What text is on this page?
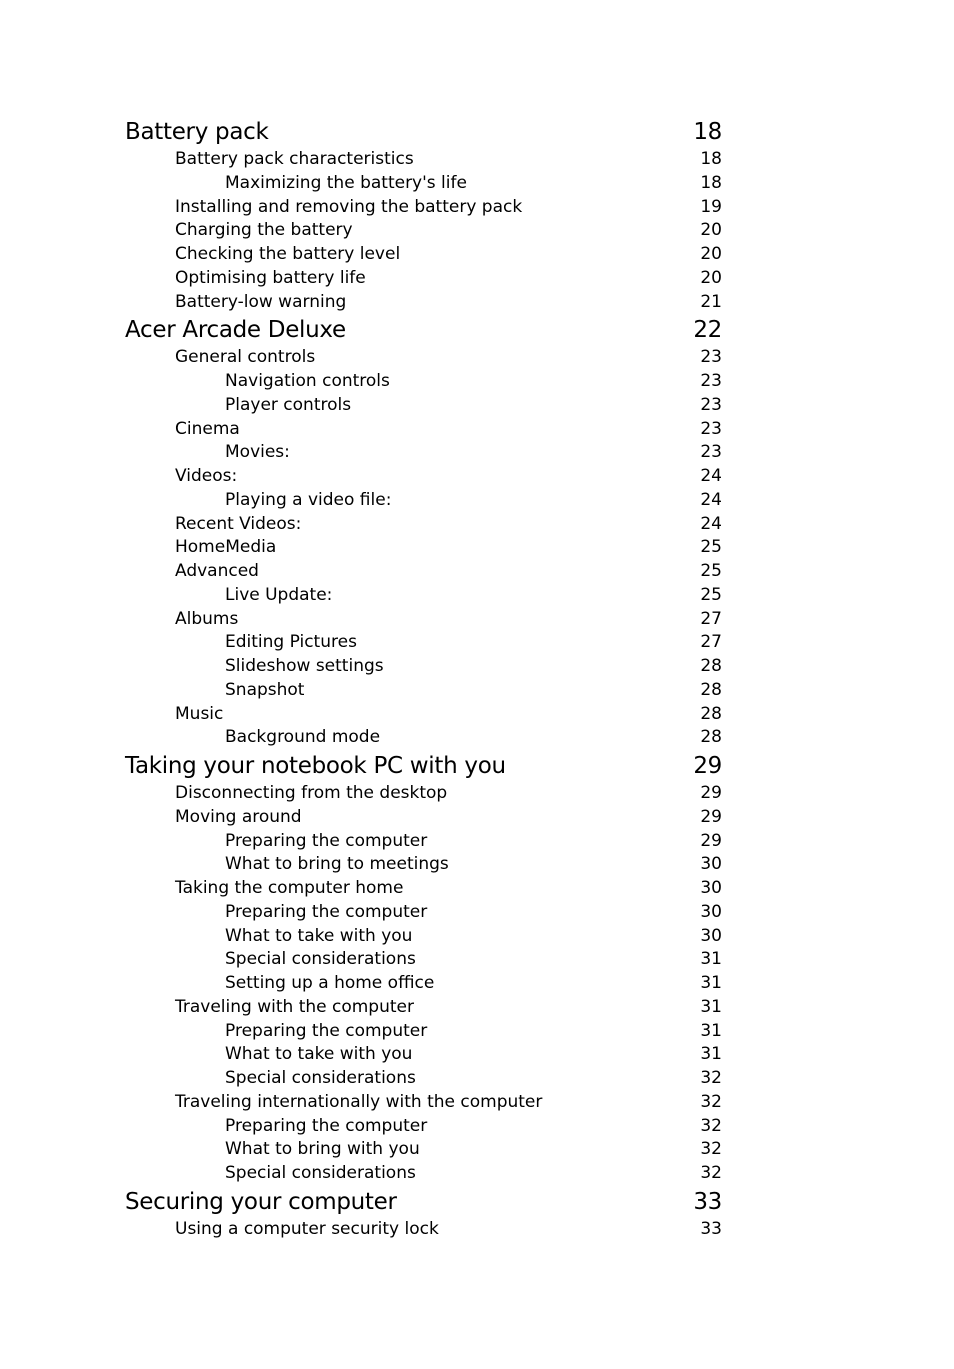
Battery pack	18
Battery pack characteristics	18
Maximizing the battery's life	18
Installing and removing the battery pack	19
Charging the battery	20
Checking the battery level	20
Optimising battery life	20
Battery-low warning	21
Acer Arcade Deluxe	22
General controls	23
Navigation controls	23
Player controls	23
Cinema	23
Movies:	23
Videos:	24
Playing a video file:	24
Recent Videos:	24
HomeMedia	25
Advanced	25
Live Update:	25
Albums	27
Editing Pictures	27
Slideshow settings	28
Snapshot	28
Music	28
Background mode	28
Taking your notebook PC with you	29
Disconnecting from the desktop	29
Moving around	29
Preparing the computer	29
What to bring to meetings	30
Taking the computer home	30
Preparing the computer	30
What to take with you	30
Special considerations	31
Setting up a home office	31
Traveling with the computer	31
Preparing the computer	31
What to take with you	31
Special considerations	32
Traveling internationally with the computer	32
Preparing the computer	32
What to bring with you	32
Special considerations	32
Securing your computer	33
Using a computer security lock	33
